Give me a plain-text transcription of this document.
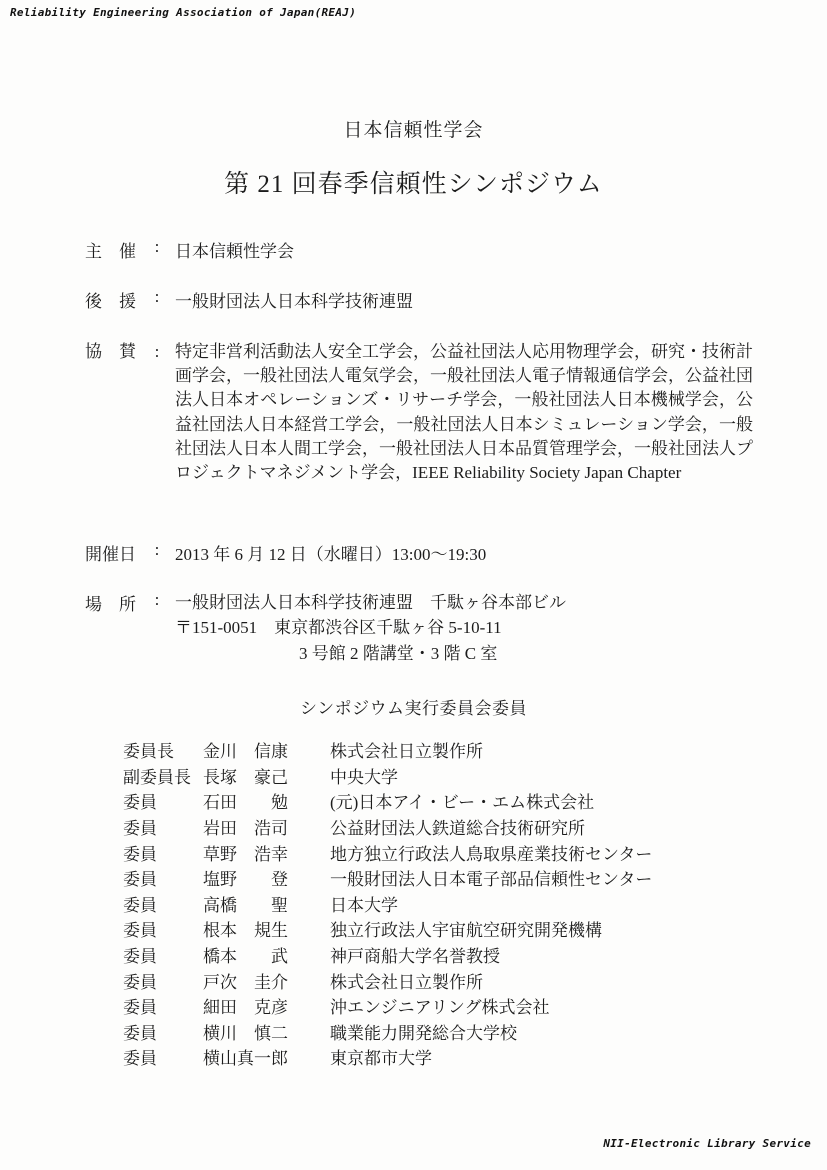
Reliability Engineering Association of Japan(REAJ)
日本信頼性学会
第 21 回春季信頼性シンポジウム
主　催	: 日本信頼性学会
後　援	: 一般財団法人日本科学技術連盟
協　賛	: 特定非営利活動法人安全工学会，公益社団法人応用物理学会，研究・技術計画学会，一般社団法人電気学会，一般社団法人電子情報通信学会，公益社団法人日本オペレーションズ・リサーチ学会，一般社団法人日本機械学会，公益社団法人日本経営工学会，一般社団法人日本シミュレーション学会，一般社団法人日本人間工学会，一般社団法人日本品質管理学会，一般社団法人プロジェクトマネジメント学会，IEEE Reliability Society Japan Chapter
開催日	: 2013 年 6 月 12 日（水曜日）13:00～19:30
場　所	: 一般財団法人日本科学技術連盟　千駄ヶ谷本部ビル
〒151-0051　東京都渋谷区千駄ヶ谷 5-10-11
3 号館 2 階講堂・3 階 C 室
シンポジウム実行委員会委員
委員長	金川　信康	株式会社日立製作所
副委員長 長塚　豪己	中央大学
委員	石田　　勉	(元)日本アイ・ビー・エム株式会社
委員	岩田　浩司	公益財団法人鉄道総合技術研究所
委員	草野　浩幸	地方独立行政法人鳥取県産業技術センター
委員	塩野　　登	一般財団法人日本電子部品信頼性センター
委員	高橋　　聖	日本大学
委員	根本　規生	独立行政法人宇宙航空研究開発機構
委員	橋本　　武	神戸商船大学名誉教授
委員	戸次　圭介	株式会社日立製作所
委員	細田　克彦	沖エンジニアリング株式会社
委員	横川　慎二	職業能力開発総合大学校
委員	横山真一郎	東京都市大学
NII-Electronic Library Service
